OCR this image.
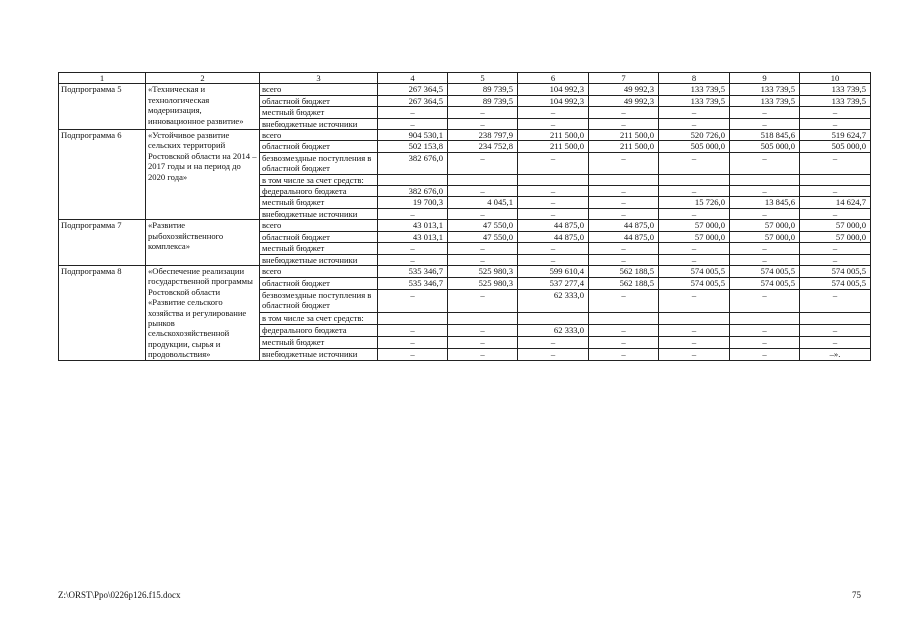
1	2	3	4	5	6	7	8	9	10
Подпрограмма 5	«Техническая и технологическая модернизация, инновационное развитие»	всего	267 364,5	89 739,5	104 992,3	49 992,3	133 739,5	133 739,5	133 739,5
		областной бюджет	267 364,5	89 739,5	104 992,3	49 992,3	133 739,5	133 739,5	133 739,5
		местный бюджет	–	–	–	–	–	–	–
		внебюджетные источники	–	–	–	–	–	–	–
Подпрограмма 6	«Устойчивое развитие сельских территорий Ростовской области на 2014 – 2017 годы и на период до 2020 года»	всего	904 530,1	238 797,9	211 500,0	211 500,0	520 726,0	518 845,6	519 624,7
		областной бюджет	502 153,8	234 752,8	211 500,0	211 500,0	505 000,0	505 000,0	505 000,0
		безвозмездные поступления в областной бюджет	382 676,0	–	–	–	–	–	–
		в том числе за счет средств:							
		федерального бюджета	382 676,0	–	–	–	–	–	–
		местный бюджет	19 700,3	4 045,1	–	–	15 726,0	13 845,6	14 624,7
		внебюджетные источники	–	–	–	–	–	–	–
Подпрограмма 7	«Развитие рыбохозяйственного комплекса»	всего	43 013,1	47 550,0	44 875,0	44 875,0	57 000,0	57 000,0	57 000,0
		областной бюджет	43 013,1	47 550,0	44 875,0	44 875,0	57 000,0	57 000,0	57 000,0
		местный бюджет	–	–	–	–	–	–	–
		внебюджетные источники	–	–	–	–	–	–	–
Подпрограмма 8	«Обеспечение реализации государственной программы Ростовской области «Развитие сельского хозяйства и регулирование рынков сельскохозяйственной продукции, сырья и продовольствия»	всего	535 346,7	525 980,3	599 610,4	562 188,5	574 005,5	574 005,5	574 005,5
		областной бюджет	535 346,7	525 980,3	537 277,4	562 188,5	574 005,5	574 005,5	574 005,5
		безвозмездные поступления в областной бюджет	–	–	62 333,0	–	–	–	–
		в том числе за счет средств:							
		федерального бюджета	–	–	62 333,0	–	–	–	–
		местный бюджет	–	–	–	–	–	–	–
		внебюджетные источники	–	–	–	–	–	–	–».
Z:\ORST\Ppo\0226p126.f15.docx	75
